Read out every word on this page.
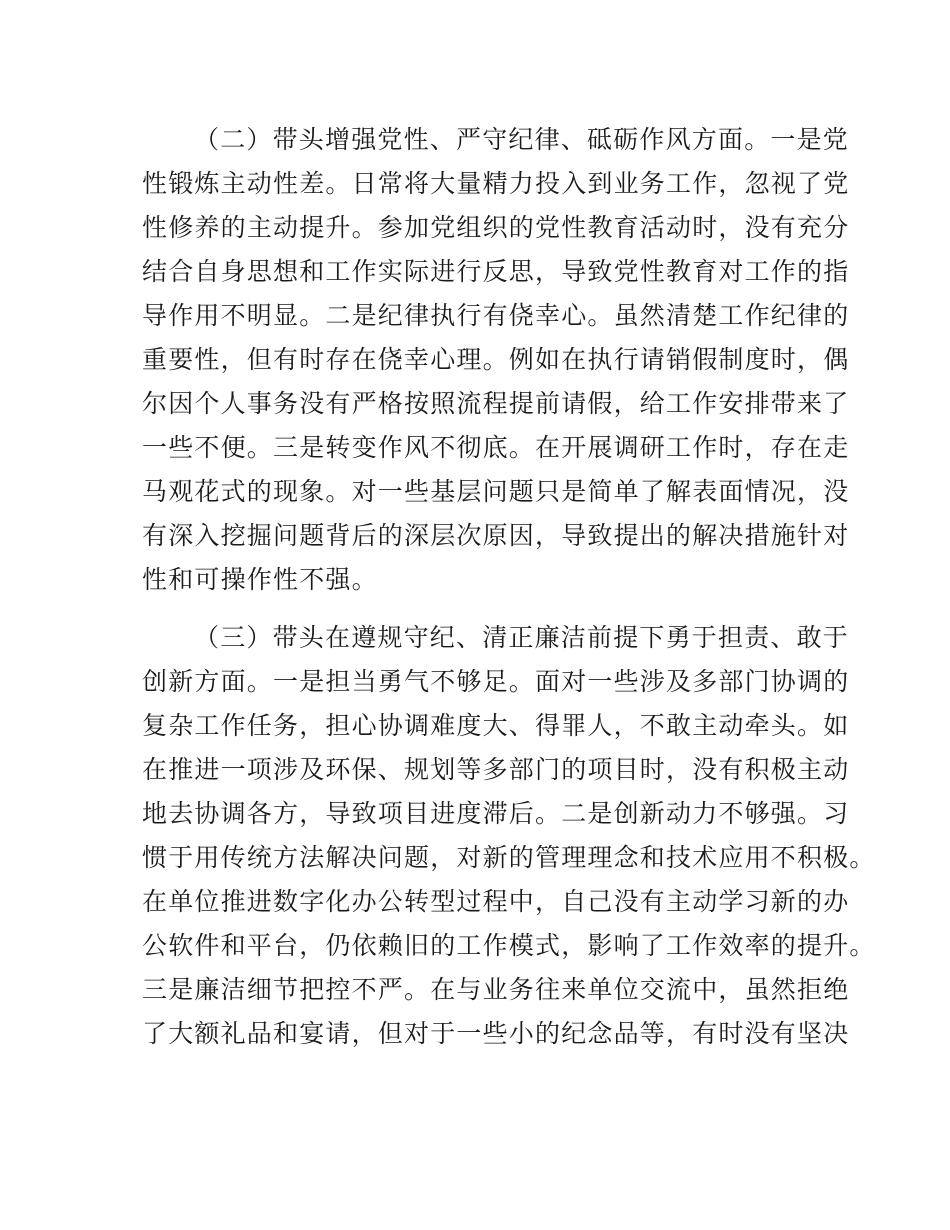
（二）带头增强党性、严守纪律、砥砺作风方面。一是党
性锻炼主动性差。日常将大量精力投入到业务工作，忽视了党
性修养的主动提升。参加党组织的党性教育活动时，没有充分
结合自身思想和工作实际进行反思，导致党性教育对工作的指
导作用不明显。二是纪律执行有侥幸心。虽然清楚工作纪律的
重要性，但有时存在侥幸心理。例如在执行请销假制度时，偶
尔因个人事务没有严格按照流程提前请假，给工作安排带来了
一些不便。三是转变作风不彻底。在开展调研工作时，存在走
马观花式的现象。对一些基层问题只是简单了解表面情况，没
有深入挖掘问题背后的深层次原因，导致提出的解决措施针对
性和可操作性不强。
（三）带头在遵规守纪、清正廉洁前提下勇于担责、敢于
创新方面。一是担当勇气不够足。面对一些涉及多部门协调的
复杂工作任务，担心协调难度大、得罪人，不敢主动牵头。如
在推进一项涉及环保、规划等多部门的项目时，没有积极主动
地去协调各方，导致项目进度滞后。二是创新动力不够强。习
惯于用传统方法解决问题，对新的管理理念和技术应用不积极。
在单位推进数字化办公转型过程中，自己没有主动学习新的办
公软件和平台，仍依赖旧的工作模式，影响了工作效率的提升。
三是廉洁细节把控不严。在与业务往来单位交流中，虽然拒绝
了大额礼品和宴请，但对于一些小的纪念品等，有时没有坚决
